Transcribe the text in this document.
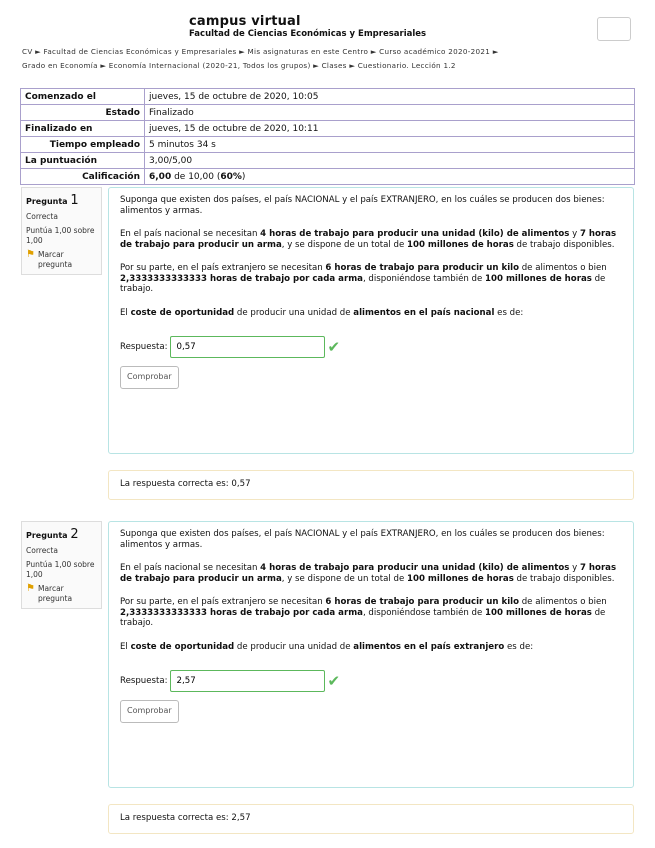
campus virtual
Facultad de Ciencias Económicas y Empresariales
CV ► Facultad de Ciencias Económicas y Empresariales ► Mis asignaturas en este Centro ► Curso académico 2020-2021 ►
Grado en Economía ► Economía Internacional (2020-21, Todos los grupos) ► Clases ► Cuestionario. Lección 1.2
Comenzado el	jueves, 15 de octubre de 2020, 10:05
Estado	Finalizado
Finalizado en	jueves, 15 de octubre de 2020, 10:11
Tiempo empleado	5 minutos 34 s
La puntuación	3,00/5,00
Calificación	6,00 de 10,00 (60%)
Pregunta 1
Correcta
Puntúa 1,00 sobre 1,00
⚑ Marcar pregunta

Suponga que existen dos países, el país NACIONAL y el país EXTRANJERO, en los cuáles se producen dos bienes: alimentos y armas.

En el país nacional se necesitan 4 horas de trabajo para producir una unidad (kilo) de alimentos y 7 horas de trabajo para producir un arma, y se dispone de un total de 100 millones de horas de trabajo disponibles.

Por su parte, en el país extranjero se necesitan 6 horas de trabajo para producir un kilo de alimentos o bien 2,3333333333333 horas de trabajo por cada arma, disponiéndose también de 100 millones de horas de trabajo.

El coste de oportunidad de producir una unidad de alimentos en el país nacional es de:

Respuesta:
0,57	✔
Comprobar
La respuesta correcta es: 0,57
Pregunta 2
Correcta
Puntúa 1,00 sobre 1,00
⚑ Marcar pregunta

Suponga que existen dos países, el país NACIONAL y el país EXTRANJERO, en los cuáles se producen dos bienes: alimentos y armas.

En el país nacional se necesitan 4 horas de trabajo para producir una unidad (kilo) de alimentos y 7 horas de trabajo para producir un arma, y se dispone de un total de 100 millones de horas de trabajo disponibles.

Por su parte, en el país extranjero se necesitan 6 horas de trabajo para producir un kilo de alimentos o bien 2,3333333333333 horas de trabajo por cada arma, disponiéndose también de 100 millones de horas de trabajo.

El coste de oportunidad de producir una unidad de alimentos en el país extranjero es de:

Respuesta:
2,57	✔
Comprobar
La respuesta correcta es: 2,57
